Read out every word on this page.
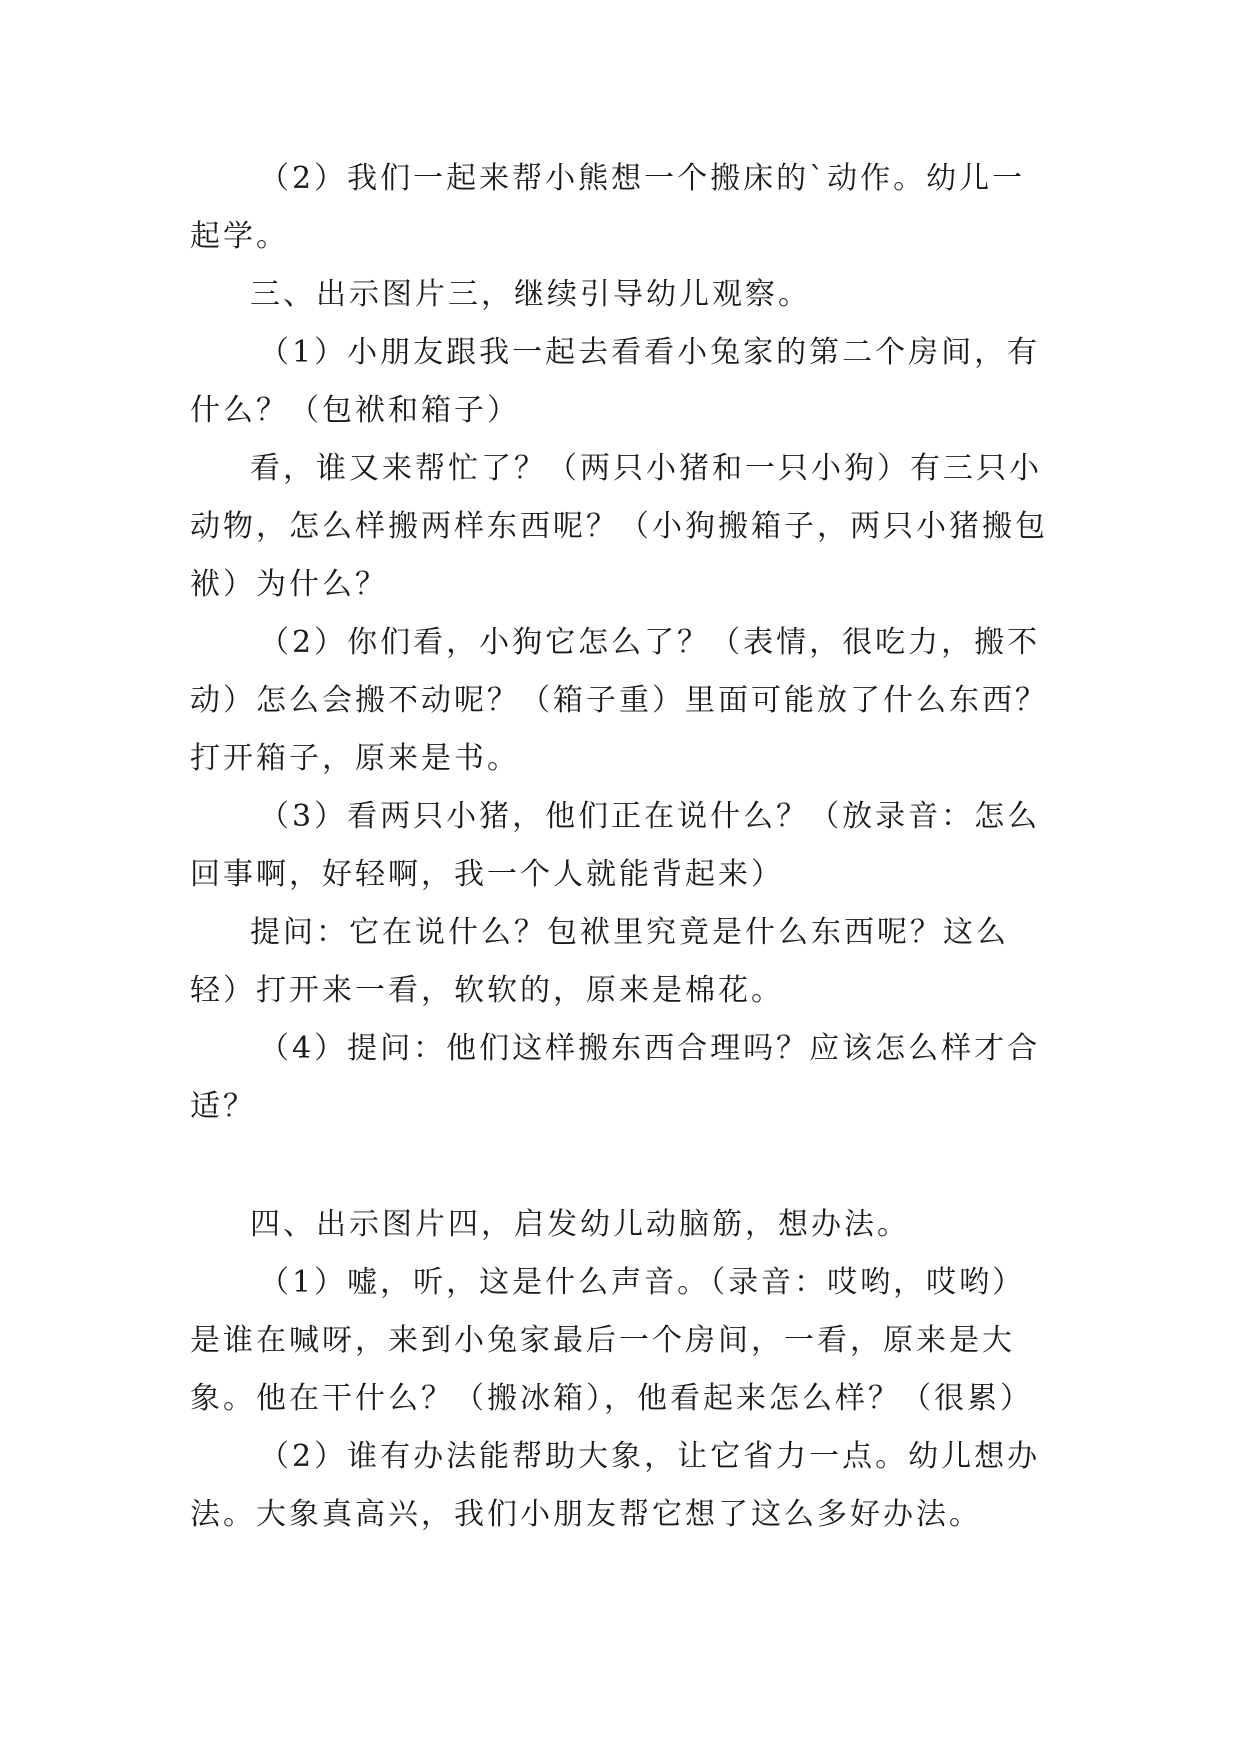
（2）我们一起来帮小熊想一个搬床的`动作。幼儿一起学。

三、出示图片三，继续引导幼儿观察。

（1）小朋友跟我一起去看看小兔家的第二个房间，有什么？（包袱和箱子）

看，谁又来帮忙了？（两只小猪和一只小狗）有三只小动物，怎么样搬两样东西呢？（小狗搬箱子，两只小猪搬包袱）为什么？

（2）你们看，小狗它怎么了？（表情，很吃力，搬不动）怎么会搬不动呢？（箱子重）里面可能放了什么东西？打开箱子，原来是书。

（3）看两只小猪，他们正在说什么？（放录音：怎么回事啊，好轻啊，我一个人就能背起来）

提问：它在说什么？包袱里究竟是什么东西呢？这么轻）打开来一看，软软的，原来是棉花。

（4）提问：他们这样搬东西合理吗？应该怎么样才合适？

四、出示图片四，启发幼儿动脑筋，想办法。

（1）嘘，听，这是什么声音。（录音：哎哟，哎哟）是谁在喊呀，来到小兔家最后一个房间，一看，原来是大象。他在干什么？（搬冰箱），他看起来怎么样？（很累）

（2）谁有办法能帮助大象，让它省力一点。幼儿想办法。大象真高兴，我们小朋友帮它想了这么多好办法。
